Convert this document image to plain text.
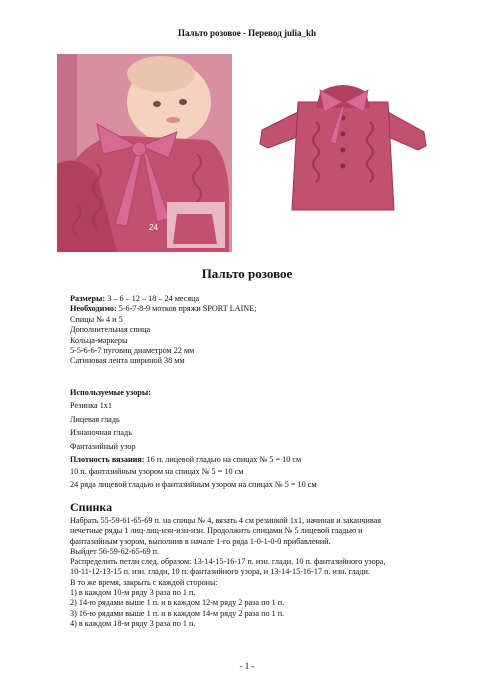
Пальто розовое - Перевод julia_kh
24
Пальто розовое
Размеры: 3 – 6 – 12 – 18 – 24 месяца
Необходимо: 5-6-7-8-9 мотков пряжи SPORT LAINE;
Спицы № 4 и 5
Дополнительная спица
Кольца-маркеры
5-5-6-6-7 пуговиц диаметром 22 мм
Сатиновая лента шириной 38 мм
Используемые узоры:
Резинка 1x1
Лицевая гладь
Изнаночная гладь
Фантазийный узор
Плотность вязания: 16 п. лицевой гладью на спицах № 5 = 10 см
10 п. фантазийным узором на спицах № 5 = 10 см
24 ряда лицевой гладью и фантазийным узором на спицах № 5 = 10 см
Спинка
Набрать 55-59-61-65-69 п. на спицы № 4, вязать 4 см резинкой 1x1, начиная и заканчивая
нечетные ряды 1 лиц-лиц-изн-изн-изн. Продолжить спицами № 5 лицевой гладью и
фантазийным узором, выполнив в начале 1-го ряда 1-0-1-0-0 прибавлений.
Выйдет 56-59-62-65-69 п.
Распределить петли след. образом: 13-14-15-16-17 п. изн. глади, 10 п. фантазийного узора,
10-11-12-13-15 п. изн. глади, 10 п. фантазийного узора, и 13-14-15-16-17 п. изн. глади.
В то же время, закрыть с каждой стороны:
1) в каждом 10-м ряду 3 раза по 1 п.
2) 14-ю рядами выше 1 п. и в каждом 12-м ряду 2 раза по 1 п.
3) 16-ю рядами выше 1 п. и в каждом 14-м ряду 2 раза по 1 п.
4) в каждом 18-м ряду 3 раза по 1 п.
- 1 -
